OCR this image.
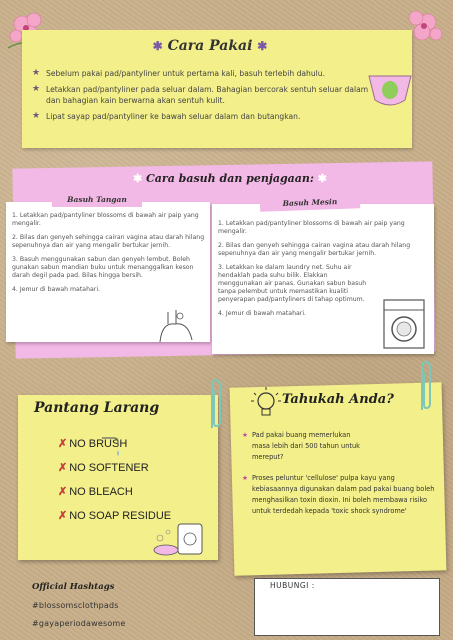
✱ Cara Pakai ✱
★ Sebelum pakai pad/pantyliner untuk pertama kali, basuh terlebih dahulu.
★ Letakkan pad/pantyliner pada seluar dalam. Bahagian bercorak sentuh seluar dalam dan bahagian kain berwarna akan sentuh kulit.
★ Lipat sayap pad/pantyliner ke bawah seluar dalam dan butangkan.
✱ Cara basuh dan penjagaan: ✱
Basuh Tangan
1. Letakkan pad/pantyliner blossoms di bawah air paip yang mengalir.
2. Bilas dan genyeh sehingga cairan vagina atau darah hilang sepenuhnya dan air yang mengalir bertukar jernih.
3. Basuh menggunakan sabun dan genyeh lembut. Boleh gunakan sabun mandian buku untuk menanggalkan keson darah degil pada pad. Bilas hingga bersih.
4. Jemur di bawah matahari.
Basuh Mesin
1. Letakkan pad/pantyliner blossoms di bawah air paip yang mengalir.
2. Bilas dan genyeh sehingga cairan vagina atau darah hilang sepenuhnya dan air yang mengalir bertukar jernih.
3. Letakkan ke dalam laundry net. Suhu air hendaklah pada suhu bilik. Elakkan menggunakan air panas. Gunakan sabun basuh tanpa pelembut untuk memastikan kualiti penyerapan pad/pantyliners di tahap optimum.
4. Jemur di bawah matahari.
Pantang Larang
✗ NO BRUSH
✗ NO SOFTENER
✗ NO BLEACH
✗ NO SOAP RESIDUE
Tahukah Anda?
★ Pad pakai buang memerlukan masa lebih dari 500 tahun untuk mereput?
★ Proses peluntur 'cellulose' pulpa kayu yang kebiasaannya digunakan dalam pad pakai buang boleh menghasilkan toxin dioxin. Ini boleh membawa risiko untuk terdedah kepada 'toxic shock syndrome'
Official Hashtags
#blossomsclothpads
#gayaperiodawesome
HUBUNGI :
